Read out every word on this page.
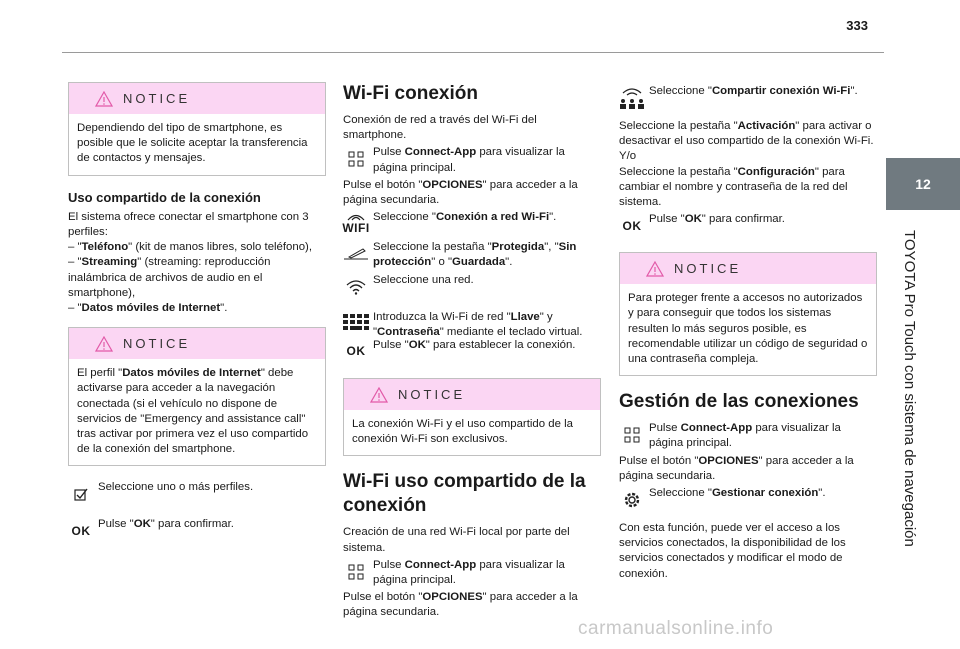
333
12
TOYOTA Pro Touch con sistema de navegación
NOTICE
Dependiendo del tipo de smartphone, es posible que le solicite aceptar la transferencia de contactos y mensajes.
Uso compartido de la conexión

El sistema ofrece conectar el smartphone con 3 perfiles:

– "Teléfono" (kit de manos libres, solo teléfono),

– "Streaming" (streaming: reproducción inalámbrica de archivos de audio en el smartphone),

– "Datos móviles de Internet".

NOTICE
El perfil "Datos móviles de Internet" debe activarse para acceder a la navegación conectada (si el vehículo no dispone de servicios de "Emergency and assistance call" tras activar por primera vez el uso compartido de la conexión del smartphone.
Seleccione uno o más perfiles.
OK Pulse "OK" para confirmar.
Wi-Fi conexión

Conexión de red a través del Wi-Fi del smartphone.

Pulse Connect-App para visualizar la página principal.

Pulse el botón "OPCIONES" para acceder a la página secundaria.

WIFI
Seleccione "Conexión a red Wi-Fi".
Seleccione la pestaña "Protegida", "Sin protección" o "Guardada".
Seleccione una red.
Introduzca la Wi-Fi de red "Llave" y "Contraseña" mediante el teclado virtual.
OK Pulse "OK" para establecer la conexión.
NOTICE
La conexión Wi-Fi y el uso compartido de la conexión Wi-Fi son exclusivos.
Wi-Fi uso compartido de la conexión

Creación de una red Wi-Fi local por parte del sistema.

Pulse Connect-App para visualizar la página principal.

Pulse el botón "OPCIONES" para acceder a la página secundaria.

Seleccione "Compartir conexión Wi-Fi".

Seleccione la pestaña "Activación" para activar o desactivar el uso compartido de la conexión Wi-Fi.

Y/o

Seleccione la pestaña "Configuración" para cambiar el nombre y contraseña de la red del sistema.

OK Pulse "OK" para confirmar.
NOTICE
Para proteger frente a accesos no autorizados y para conseguir que todos los sistemas resulten lo más seguros posible, es recomendable utilizar un código de seguridad o una contraseña compleja.
Gestión de las conexiones
Pulse Connect-App para visualizar la página principal.

Pulse el botón "OPCIONES" para acceder a la página secundaria.

Seleccione "Gestionar conexión".

Con esta función, puede ver el acceso a los servicios conectados, la disponibilidad de los servicios conectados y modificar el modo de conexión.

carmanualsonline.info
